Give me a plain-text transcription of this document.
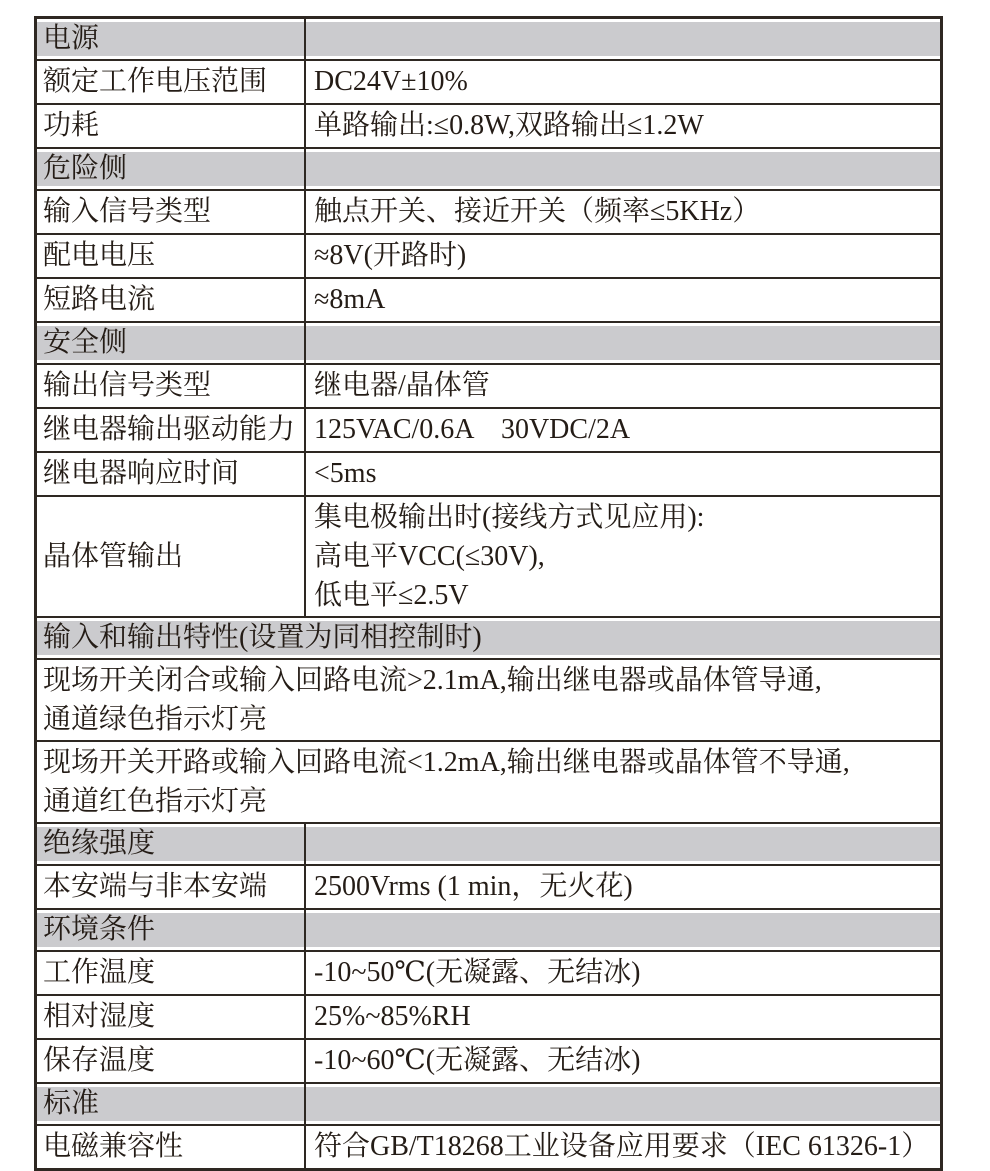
电源	
额定工作电压范围	DC24V±10%
功耗	单路输出:≤0.8W,双路输出≤1.2W
危险侧	
输入信号类型	触点开关、接近开关（频率≤5KHz）
配电电压	≈8V(开路时)
短路电流	≈8mA
安全侧	
输出信号类型	继电器/晶体管
继电器输出驱动能力	125VAC/0.6A　30VDC/2A
继电器响应时间	<5ms
晶体管输出	集电极输出时(接线方式见应用):
高电平VCC(≤30V),
低电平≤2.5V

输入和输出特性(设置为同相控制时)	

现场开关闭合或输入回路电流>2.1mA,输出继电器或晶体管导通,
通道绿色指示灯亮	

现场开关开路或输入回路电流<1.2mA,输出继电器或晶体管不导通,
通道红色指示灯亮	

绝缘强度	
本安端与非本安端	2500Vrms (1 min，无火花)
环境条件	
工作温度	-10~50℃(无凝露、无结冰)
相对湿度	25%~85%RH
保存温度	-10~60℃(无凝露、无结冰)
标准	
电磁兼容性	符合GB/T18268工业设备应用要求（IEC 61326-1）
